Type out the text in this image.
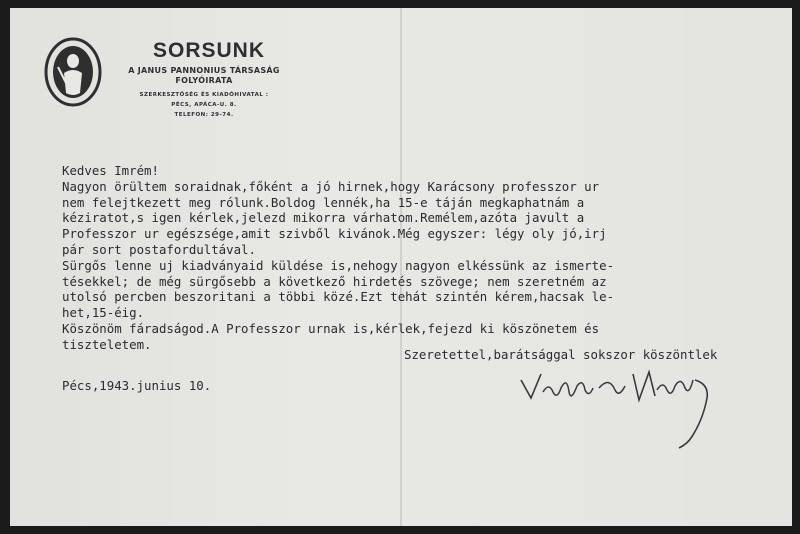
SORSUNK
A JANUS PANNONIUS TÁRSASÁG
FOLYÓIRATA
SZERKESZTŐSÉG ÉS KIADÓHIVATAL :
PÉCS, APÁCA-U. 8.
TELEFON: 29-74.
Kedves Imrém!
Nagyon örültem soraidnak,főként a jó hirnek,hogy Karácsony professzor ur
nem felejtkezett meg rólunk.Boldog lennék,ha 15-e táján megkaphatnám a
kéziratot,s igen kérlek,jelezd mikorra várhatom.Remélem,azóta javult a
Professzor ur egészsége,amit szivből kivánok.Még egyszer: légy oly jó,irj
pár sort postafordultával.
Sürgős lenne uj kiadványaid küldése is,nehogy nagyon elkéssünk az ismerte-
tésekkel; de még sürgősebb a következő hirdetés szövege; nem szeretném az
utolsó percben beszoritani a többi közé.Ezt tehát szintén kérem,hacsak le-
het,15-éig.
Köszönöm fáradságod.A Professzor urnak is,kérlek,fejezd ki köszönetem és
tiszteletem.
Szeretettel,barátsággal sokszor köszöntlek
Pécs,1943.junius 10.
